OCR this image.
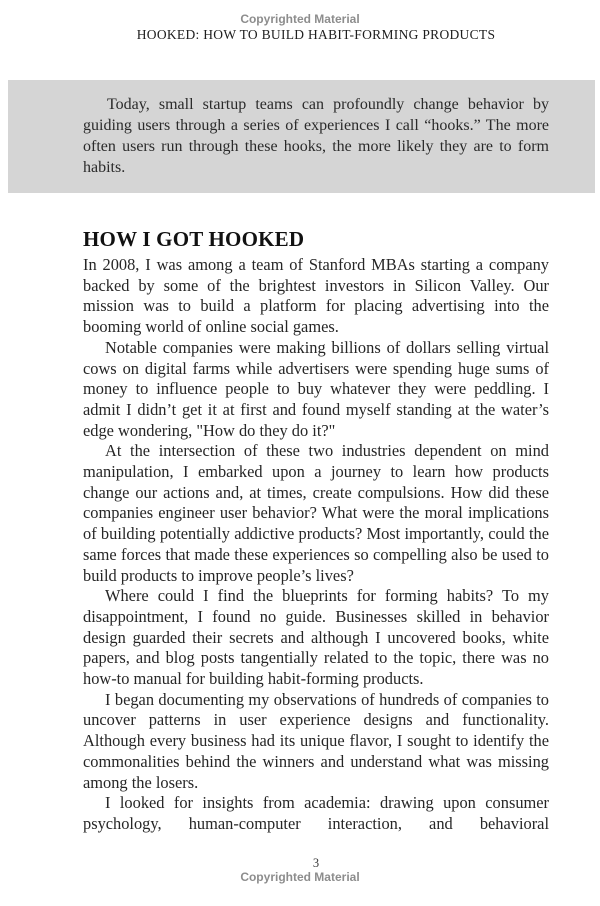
Copyrighted Material
HOOKED: HOW TO BUILD HABIT-FORMING PRODUCTS

Today, small startup teams can profoundly change behavior by guiding users through a series of experiences I call “hooks.” The more often users run through these hooks, the more likely they are to form habits.

HOW I GOT HOOKED

In 2008, I was among a team of Stanford MBAs starting a company backed by some of the brightest investors in Silicon Valley. Our mission was to build a platform for placing advertising into the booming world of online social games.

Notable companies were making billions of dollars selling virtual cows on digital farms while advertisers were spending huge sums of money to influence people to buy whatever they were peddling. I admit I didn’t get it at first and found myself standing at the water’s edge wondering, "How do they do it?"

At the intersection of these two industries dependent on mind manipulation, I embarked upon a journey to learn how products change our actions and, at times, create compulsions. How did these companies engineer user behavior? What were the moral implications of building potentially addictive products? Most importantly, could the same forces that made these experiences so compelling also be used to build products to improve people’s lives?

Where could I find the blueprints for forming habits? To my disappointment, I found no guide. Businesses skilled in behavior design guarded their secrets and although I uncovered books, white papers, and blog posts tangentially related to the topic, there was no how-to manual for building habit-forming products.

I began documenting my observations of hundreds of companies to uncover patterns in user experience designs and functionality. Although every business had its unique flavor, I sought to identify the commonalities behind the winners and understand what was missing among the losers.

I looked for insights from academia: drawing upon consumer psychology, human-computer interaction, and behavioral

3
Copyrighted Material
